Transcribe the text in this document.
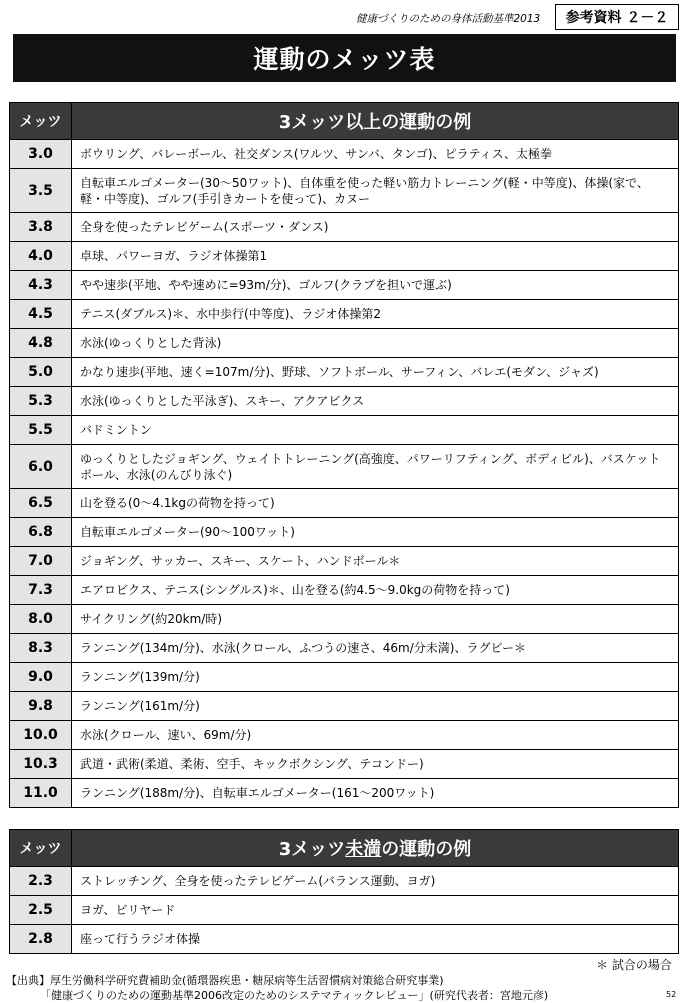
健康づくりのための身体活動基準2013	参考資料 ２－２
運動のメッツ表
メッツ	3メッツ以上の運動の例
3.0	ボウリング、バレーボール、社交ダンス(ワルツ、サンバ、タンゴ)、ピラティス、太極拳
3.5	自転車エルゴメーター(30～50ワット)、自体重を使った軽い筋力トレーニング(軽・中等度)、体操(家で、軽・中等度)、ゴルフ(手引きカートを使って)、カヌー
3.8	全身を使ったテレビゲーム(スポーツ・ダンス)
4.0	卓球、パワーヨガ、ラジオ体操第1
4.3	やや速歩(平地、やや速めに=93m/分)、ゴルフ(クラブを担いで運ぶ)
4.5	テニス(ダブルス)＊、水中歩行(中等度)、ラジオ体操第2
4.8	水泳(ゆっくりとした背泳)
5.0	かなり速歩(平地、速く=107m/分)、野球、ソフトボール、サーフィン、バレエ(モダン、ジャズ)
5.3	水泳(ゆっくりとした平泳ぎ)、スキー、アクアビクス
5.5	バドミントン
6.0	ゆっくりとしたジョギング、ウェイトトレーニング(高強度、パワーリフティング、ボディビル)、バスケットボール、水泳(のんびり泳ぐ)
6.5	山を登る(0～4.1kgの荷物を持って)
6.8	自転車エルゴメーター(90～100ワット)
7.0	ジョギング、サッカー、スキー、スケート、ハンドボール＊
7.3	エアロビクス、テニス(シングルス)＊、山を登る(約4.5～9.0kgの荷物を持って)
8.0	サイクリング(約20km/時)
8.3	ランニング(134m/分)、水泳(クロール、ふつうの速さ、46m/分未満)、ラグビー＊
9.0	ランニング(139m/分)
9.8	ランニング(161m/分)
10.0	水泳(クロール、速い、69m/分)
10.3	武道・武術(柔道、柔術、空手、キックボクシング、テコンドー)
11.0	ランニング(188m/分)、自転車エルゴメーター(161～200ワット)
メッツ	3メッツ未満の運動の例
2.3	ストレッチング、全身を使ったテレビゲーム(バランス運動、ヨガ)
2.5	ヨガ、ビリヤード
2.8	座って行うラジオ体操
＊ 試合の場合
【出典】厚生労働科学研究費補助金(循環器疾患・糖尿病等生活習慣病対策総合研究事業)
「健康づくりのための運動基準2006改定のためのシステマティックレビュー」(研究代表者：宮地元彦)	52
